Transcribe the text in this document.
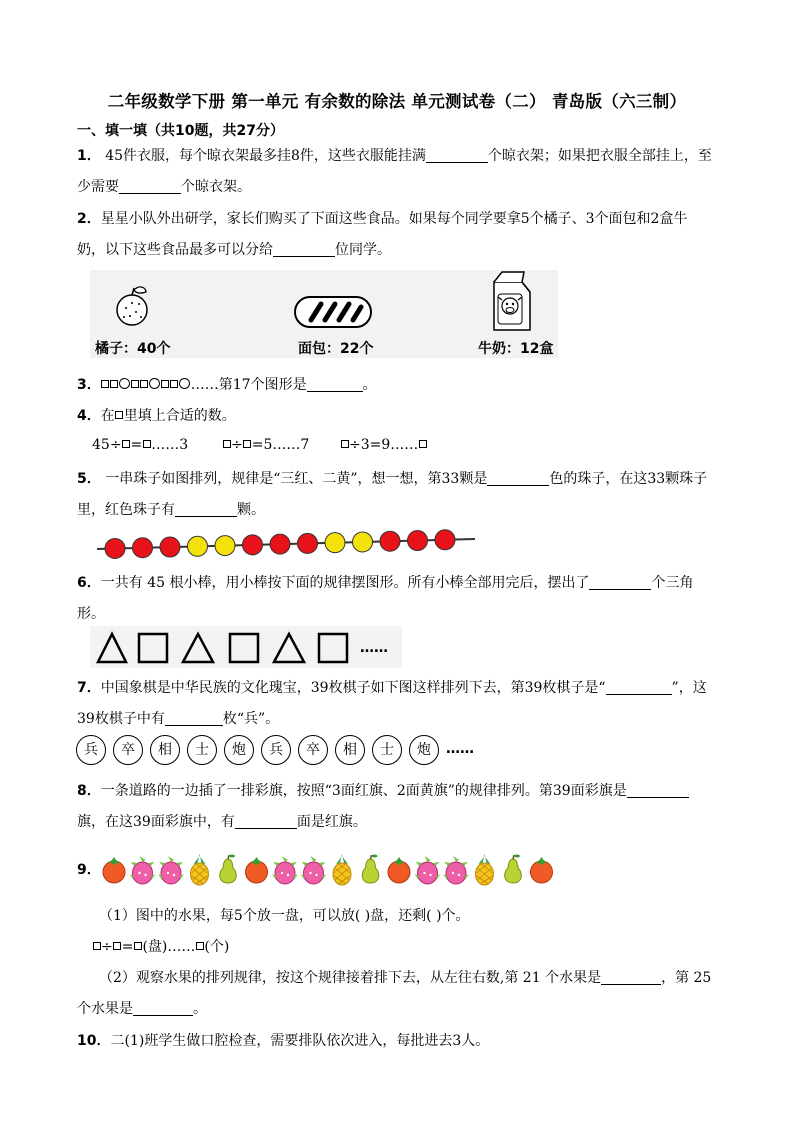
二年级数学下册 第一单元 有余数的除法 单元测试卷（二） 青岛版（六三制）
一、填一填（共10题，共27分）
1． 45件衣服，每个晾衣架最多挂8件，这些衣服能挂满	个晾衣架；如果把衣服全部挂上，至
少需要	个晾衣架。
2．星星小队外出研学，家长们购买了下面这些食品。如果每个同学要拿5个橘子、3个面包和2盒牛
奶，以下这些食品最多可以分给	位同学。
橘子：40个	面包：22个	牛奶：12盒
3．	……第17个图形是	。
4．在 里填上合适的数。
45÷ = ……3	÷ =5……7	÷3=9……
5． 一串珠子如图排列，规律是“三红、二黄”，想一想，第33颗是	色的珠子，在这33颗珠子
里，红色珠子有	颗。
6．一共有 45 根小棒，用小棒按下面的规律摆图形。所有小棒全部用完后，摆出了	个三角
形。
……
7．中国象棋是中华民族的文化瑰宝，39枚棋子如下图这样排列下去，第39枚棋子是“	”，这
39枚棋子中有	枚“兵”。
兵	卒	相	士	炮	兵	卒	相	士	炮	……
8．一条道路的一边插了一排彩旗，按照“3面红旗、2面黄旗”的规律排列。第39面彩旗是
旗，在这39面彩旗中，有	面是红旗。
9．
（1）图中的水果，每5个放一盘，可以放( )盘，还剩( )个。
÷ = (盘)…… (个)
（2）观察水果的排列规律，按这个规律接着排下去，从左往右数,第 21 个水果是	，第 25
个水果是	。
10．二(1)班学生做口腔检查，需要排队依次进入，每批进去3人。
